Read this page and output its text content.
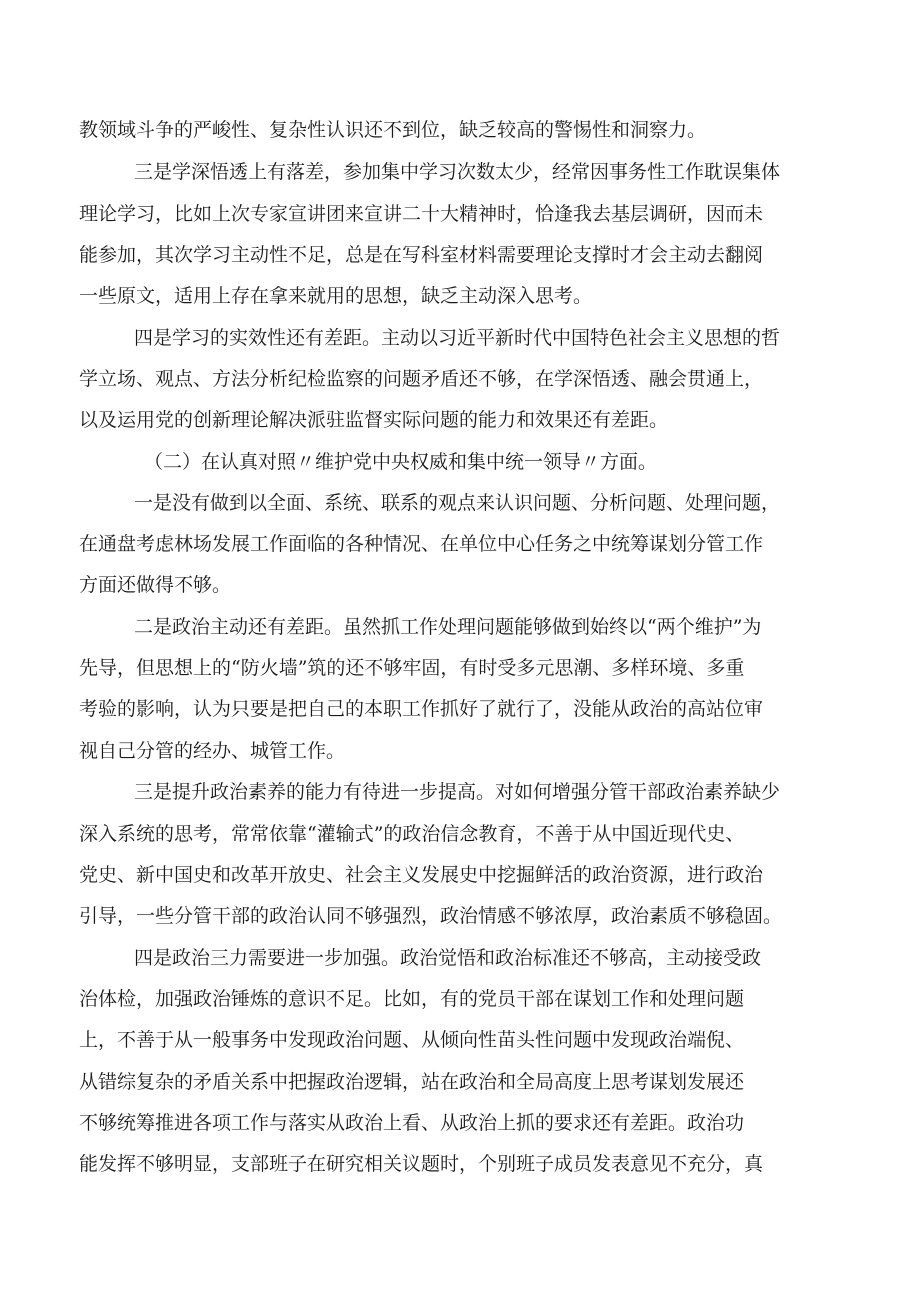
教领域斗争的严峻性、复杂性认识还不到位，缺乏较高的警惕性和洞察力。

三是学深悟透上有落差，参加集中学习次数太少，经常因事务性工作耽误集体

理论学习，比如上次专家宣讲团来宣讲二十大精神时，恰逢我去基层调研，因而未

能参加，其次学习主动性不足，总是在写科室材料需要理论支撑时才会主动去翻阅

一些原文，适用上存在拿来就用的思想，缺乏主动深入思考。

四是学习的实效性还有差距。主动以习近平新时代中国特色社会主义思想的哲

学立场、观点、方法分析纪检监察的问题矛盾还不够，在学深悟透、融会贯通上，

以及运用党的创新理论解决派驻监督实际问题的能力和效果还有差距。

（二）在认真对照〃维护党中央权威和集中统一领导〃方面。

一是没有做到以全面、系统、联系的观点来认识问题、分析问题、处理问题，

在通盘考虑林场发展工作面临的各种情况、在单位中心任务之中统筹谋划分管工作

方面还做得不够。

二是政治主动还有差距。虽然抓工作处理问题能够做到始终以“两个维护”为

先导，但思想上的“防火墙”筑的还不够牢固，有时受多元思潮、多样环境、多重

考验的影响，认为只要是把自己的本职工作抓好了就行了，没能从政治的高站位审

视自己分管的经办、城管工作。

三是提升政治素养的能力有待进一步提高。对如何增强分管干部政治素养缺少

深入系统的思考，常常依靠“灌输式”的政治信念教育，不善于从中国近现代史、

党史、新中国史和改革开放史、社会主义发展史中挖掘鲜活的政治资源，进行政治

引导，一些分管干部的政治认同不够强烈，政治情感不够浓厚，政治素质不够稳固。

四是政治三力需要进一步加强。政治觉悟和政治标准还不够高，主动接受政

治体检，加强政治锤炼的意识不足。比如，有的党员干部在谋划工作和处理问题

上，不善于从一般事务中发现政治问题、从倾向性苗头性问题中发现政治端倪、

从错综复杂的矛盾关系中把握政治逻辑，站在政治和全局高度上思考谋划发展还

不够统筹推进各项工作与落实从政治上看、从政治上抓的要求还有差距。政治功

能发挥不够明显，支部班子在研究相关议题时，个别班子成员发表意见不充分，真
